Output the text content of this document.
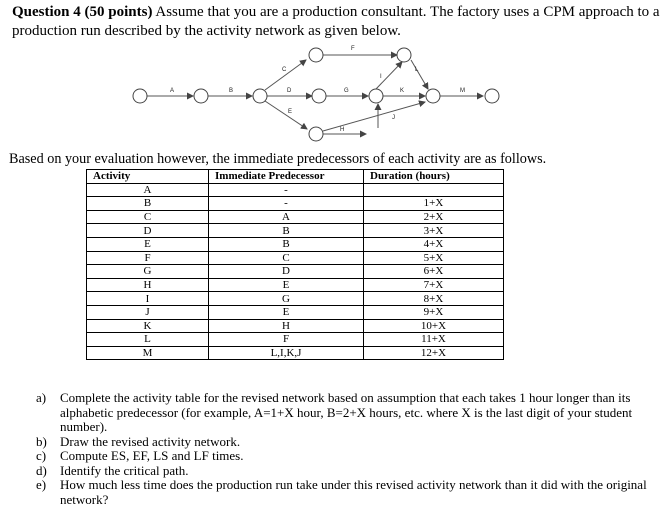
Question 4 (50 points) Assume that you are a production consultant. The factory uses a CPM approach to a production run described by the activity network as given below.
A	B
C
D
E
F
G
H
I
J
K
L
M
Based on your evaluation however, the immediate predecessors of each activity are as follows.
Activity	Immediate Predecessor	Duration (hours)
A	-	
B	-	1+X
C	A	2+X
D	B	3+X
E	B	4+X
F	C	5+X
G	D	6+X
H	E	7+X
I	G	8+X
J	E	9+X
K	H	10+X
L	F	11+X
M	L,I,K,J	12+X
a) Complete the activity table for the revised network based on assumption that each takes 1 hour longer than its alphabetic predecessor (for example, A=1+X hour, B=2+X hours, etc. where X is the last digit of your student number).
b) Draw the revised activity network.
c) Compute ES, EF, LS and LF times.
d) Identify the critical path.
e) How much less time does the production run take under this revised activity network than it did with the original network?
